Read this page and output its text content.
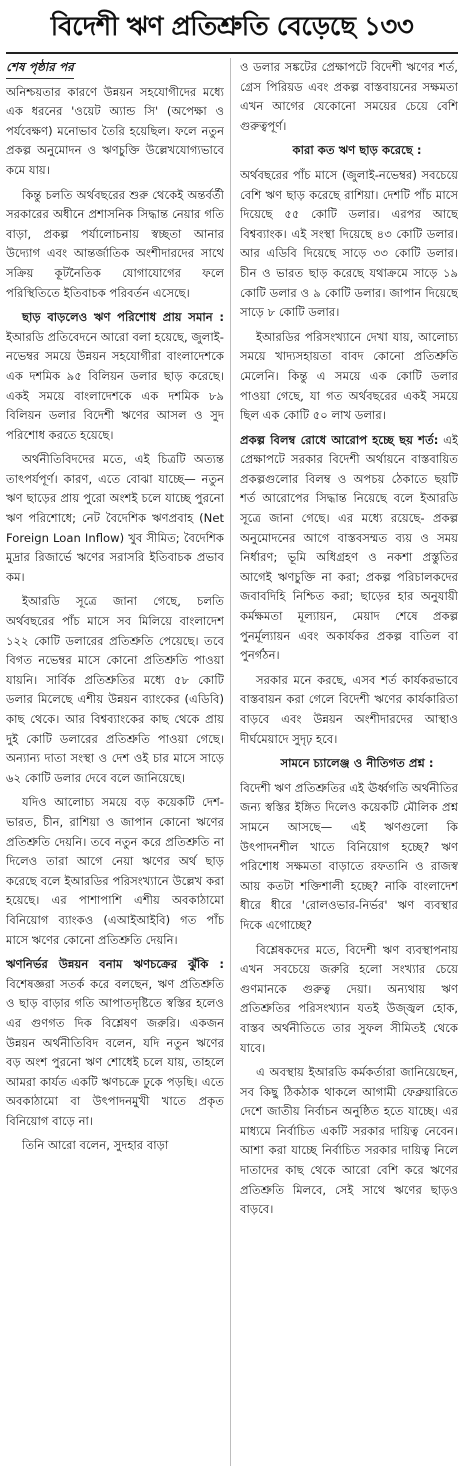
বিদেশী ঋণ প্রতিশ্রুতি বেড়েছে ১৩৩
শেষ পৃষ্ঠার পর

অনিশ্চয়তার কারণে উন্নয়ন সহযোগীদের মধ্যে এক ধরনের 'ওয়েট অ্যান্ড সি' (অপেক্ষা ও পর্যবেক্ষণ) মনোভাব তৈরি হয়েছিল। ফলে নতুন প্রকল্প অনুমোদন ও ঋণচুক্তি উল্লেখযোগ্যভাবে কমে যায়।

কিন্তু চলতি অর্থবছরের শুরু থেকেই অন্তর্বর্তী সরকারের অধীনে প্রশাসনিক সিদ্ধান্ত নেয়ার গতি বাড়া, প্রকল্প পর্যালোচনায় স্বচ্ছতা আনার উদ্যোগ এবং আন্তর্জাতিক অংশীদারদের সাথে সক্রিয় কূটনৈতিক যোগাযোগের ফলে পরিস্থিতিতে ইতিবাচক পরিবর্তন এসেছে।

ছাড় বাড়লেও ঋণ পরিশোধ প্রায় সমান : ইআরডি প্রতিবেদনে আরো বলা হয়েছে, জুলাই-নভেম্বর সময়ে উন্নয়ন সহযোগীরা বাংলাদেশকে এক দশমিক ৯৫ বিলিয়ন ডলার ছাড় করেছে। একই সময়ে বাংলাদেশকে এক দশমিক ৮৯ বিলিয়ন ডলার বিদেশী ঋণের আসল ও সুদ পরিশোধ করতে হয়েছে।

অর্থনীতিবিদদের মতে, এই চিত্রটি অত্যন্ত তাৎপর্যপূর্ণ। কারণ, এতে বোঝা যাচ্ছে— নতুন ঋণ ছাড়ের প্রায় পুরো অংশই চলে যাচ্ছে পুরনো ঋণ পরিশোধে; নেট বৈদেশিক ঋণপ্রবাহ (Net Foreign Loan Inflow) খুব সীমিত; বৈদেশিক মুদ্রার রিজার্ভে ঋণের সরাসরি ইতিবাচক প্রভাব কম।

ইআরডি সূত্রে জানা গেছে, চলতি অর্থবছরের পাঁচ মাসে সব মিলিয়ে বাংলাদেশ ১২২ কোটি ডলারের প্রতিশ্রুতি পেয়েছে। তবে বিগত নভেম্বর মাসে কোনো প্রতিশ্রুতি পাওয়া যায়নি। সার্বিক প্রতিশ্রুতির মধ্যে ৫৮ কোটি ডলার মিলেছে এশীয় উন্নয়ন ব্যাংকের (এডিবি) কাছ থেকে। আর বিশ্বব্যাংকের কাছ থেকে প্রায় দুই কোটি ডলারের প্রতিশ্রুতি পাওয়া গেছে। অন্যান্য দাতা সংস্থা ও দেশ ওই চার মাসে সাড়ে ৬২ কোটি ডলার দেবে বলে জানিয়েছে।

যদিও আলোচ্য সময়ে বড় কয়েকটি দেশ- ভারত, চীন, রাশিয়া ও জাপান কোনো ঋণের প্রতিশ্রুতি দেয়নি। তবে নতুন করে প্রতিশ্রুতি না দিলেও তারা আগে নেয়া ঋণের অর্থ ছাড় করেছে বলে ইআরডির পরিসংখ্যানে উল্লেখ করা হয়েছে। এর পাশাপাশি এশীয় অবকাঠামো বিনিয়োগ ব্যাংকও (এআইআইবি) গত পাঁচ মাসে ঋণের কোনো প্রতিশ্রুতি দেয়নি।

ঋণনির্ভর উন্নয়ন বনাম ঋণচক্রের ঝুঁকি : বিশেষজ্ঞরা সতর্ক করে বলছেন, ঋণ প্রতিশ্রুতি ও ছাড় বাড়ার গতি আপাতদৃষ্টিতে স্বস্তির হলেও এর গুণগত দিক বিশ্লেষণ জরুরি। একজন উন্নয়ন অর্থনীতিবিদ বলেন, যদি নতুন ঋণের বড় অংশ পুরনো ঋণ শোধেই চলে যায়, তাহলে আমরা কার্যত একটি ঋণচক্রে ঢুকে পড়ছি। এতে অবকাঠামো বা উৎপাদনমুখী খাতে প্রকৃত বিনিয়োগ বাড়ে না।

তিনি আরো বলেন, সুদহার বাড়া

ও ডলার সঙ্কটের প্রেক্ষাপটে বিদেশী ঋণের শর্ত, গ্রেস পিরিয়ড এবং প্রকল্প বাস্তবায়নের সক্ষমতা এখন আগের যেকোনো সময়ের চেয়ে বেশি গুরুত্বপূর্ণ।

কারা কত ঋণ ছাড় করেছে :

অর্থবছরের পাঁচ মাসে (জুলাই-নভেম্বর) সবচেয়ে বেশি ঋণ ছাড় করেছে রাশিয়া। দেশটি পাঁচ মাসে দিয়েছে ৫৫ কোটি ডলার। এরপর আছে বিশ্বব্যাংক। এই সংস্থা দিয়েছে ৪৩ কোটি ডলার। আর এডিবি দিয়েছে সাড়ে ৩৩ কোটি ডলার। চীন ও ভারত ছাড় করেছে যথাক্রমে সাড়ে ১৯ কোটি ডলার ও ৯ কোটি ডলার। জাপান দিয়েছে সাড়ে ৮ কোটি ডলার।

ইআরডির পরিসংখ্যানে দেখা যায়, আলোচ্য সময়ে খাদ্যসহায়তা বাবদ কোনো প্রতিশ্রুতি মেলেনি। কিন্তু এ সময়ে এক কোটি ডলার পাওয়া গেছে, যা গত অর্থবছরের একই সময়ে ছিল এক কোটি ৫০ লাখ ডলার।

প্রকল্প বিলম্ব রোধে আরোপ হচ্ছে ছয় শর্ত: এই প্রেক্ষাপটে সরকার বিদেশী অর্থায়নে বাস্তবায়িত প্রকল্পগুলোর বিলম্ব ও অপচয় ঠেকাতে ছয়টি শর্ত আরোপের সিদ্ধান্ত নিয়েছে বলে ইআরডি সূত্রে জানা গেছে। এর মধ্যে রয়েছে- প্রকল্প অনুমোদনের আগে বাস্তবসম্মত ব্যয় ও সময় নির্ধারণ; ভূমি অধিগ্রহণ ও নকশা প্রস্তুতির আগেই ঋণচুক্তি না করা; প্রকল্প পরিচালকদের জবাবদিহি নিশ্চিত করা; ছাড়ের হার অনুযায়ী কর্মক্ষমতা মূল্যায়ন, মেয়াদ শেষে প্রকল্প পুনর্মূল্যায়ন এবং অকার্যকর প্রকল্প বাতিল বা পুনর্গঠন।

সরকার মনে করছে, এসব শর্ত কার্যকরভাবে বাস্তবায়ন করা গেলে বিদেশী ঋণের কার্যকারিতা বাড়বে এবং উন্নয়ন অংশীদারদের আস্থাও দীর্ঘমেয়াদে সুদৃঢ় হবে।

সামনে চ্যালেঞ্জ ও নীতিগত প্রশ্ন :

বিদেশী ঋণ প্রতিশ্রুতির এই ঊর্ধ্বগতি অর্থনীতির জন্য স্বস্তির ইঙ্গিত দিলেও কয়েকটি মৌলিক প্রশ্ন সামনে আসছে— এই ঋণগুলো কি উৎপাদনশীল খাতে বিনিয়োগ হচ্ছে? ঋণ পরিশোধ সক্ষমতা বাড়াতে রফতানি ও রাজস্ব আয় কতটা শক্তিশালী হচ্ছে? নাকি বাংলাদেশ ধীরে ধীরে 'রোলওভার-নির্ভর' ঋণ ব্যবস্থার দিকে এগোচ্ছে?

বিশ্লেষকদের মতে, বিদেশী ঋণ ব্যবস্থাপনায় এখন সবচেয়ে জরুরি হলো সংখ্যার চেয়ে গুণমানকে গুরুত্ব দেয়া। অন্যথায় ঋণ প্রতিশ্রুতির পরিসংখ্যান যতই উজ্জ্বল হোক, বাস্তব অর্থনীতিতে তার সুফল সীমিতই থেকে যাবে।

এ অবস্থায় ইআরডি কর্মকর্তারা জানিয়েছেন, সব কিছু ঠিকঠাক থাকলে আগামী ফেব্রুয়ারিতে দেশে জাতীয় নির্বাচন অনুষ্ঠিত হতে যাচ্ছে। এর মাধ্যমে নির্বাচিত একটি সরকার দায়িত্ব নেবেন। আশা করা যাচ্ছে নির্বাচিত সরকার দায়িত্ব নিলে দাতাদের কাছ থেকে আরো বেশি করে ঋণের প্রতিশ্রুতি মিলবে, সেই সাথে ঋণের ছাড়ও বাড়বে।
